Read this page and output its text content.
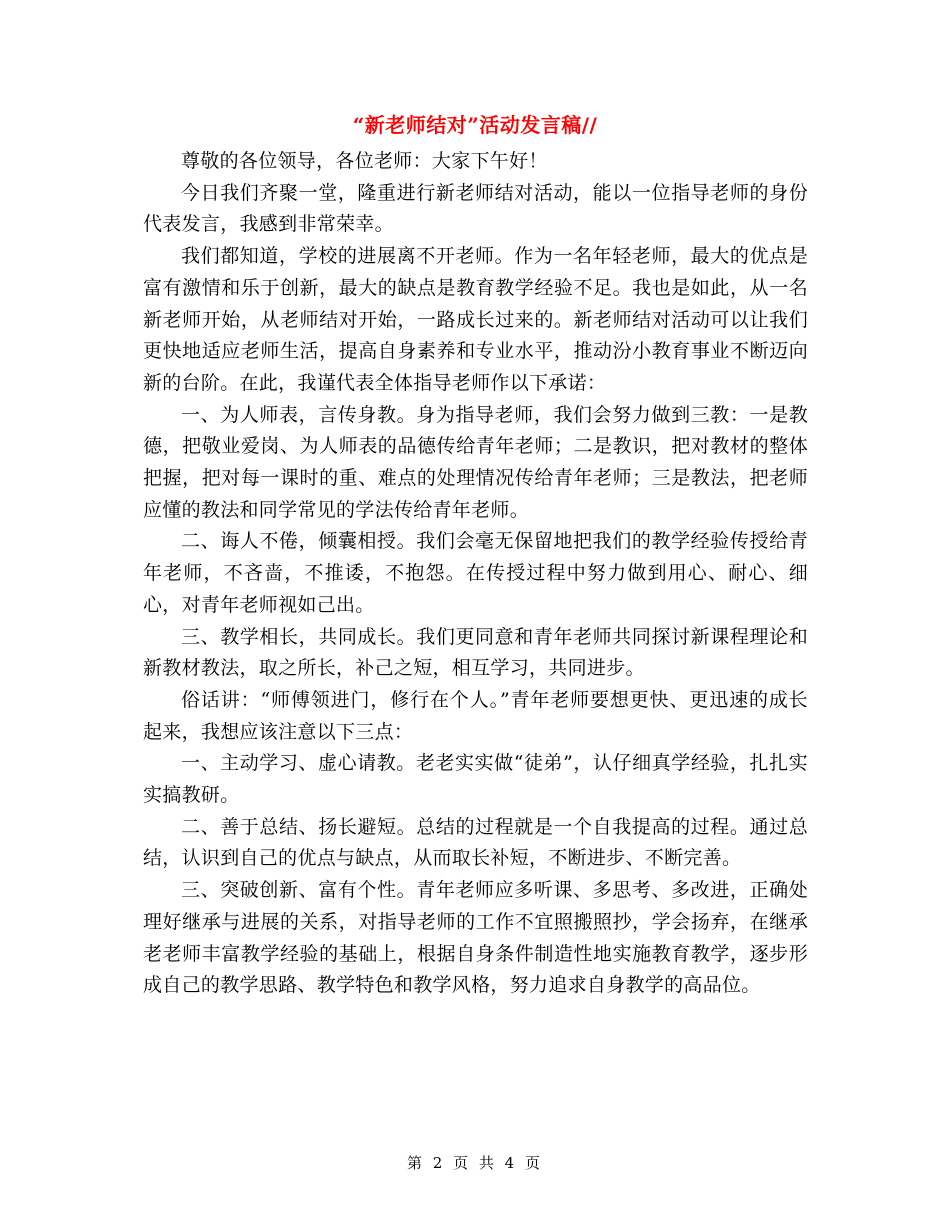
“新老师结对”活动发言稿//

尊敬的各位领导，各位老师：大家下午好！

今日我们齐聚一堂，隆重进行新老师结对活动，能以一位指导老师的身份代表发言，我感到非常荣幸。

我们都知道，学校的进展离不开老师。作为一名年轻老师，最大的优点是富有激情和乐于创新，最大的缺点是教育教学经验不足。我也是如此，从一名新老师开始，从老师结对开始，一路成长过来的。新老师结对活动可以让我们更快地适应老师生活，提高自身素养和专业水平，推动汾小教育事业不断迈向新的台阶。在此，我谨代表全体指导老师作以下承诺：

一、为人师表，言传身教。身为指导老师，我们会努力做到三教：一是教德，把敬业爱岗、为人师表的品德传给青年老师；二是教识，把对教材的整体把握，把对每一课时的重、难点的处理情况传给青年老师；三是教法，把老师应懂的教法和同学常见的学法传给青年老师。

二、诲人不倦，倾囊相授。我们会毫无保留地把我们的教学经验传授给青年老师，不吝啬，不推诿，不抱怨。在传授过程中努力做到用心、耐心、细心，对青年老师视如己出。

三、教学相长，共同成长。我们更同意和青年老师共同探讨新课程理论和新教材教法，取之所长，补己之短，相互学习，共同进步。

俗话讲：“师傅领进门，修行在个人。”青年老师要想更快、更迅速的成长起来，我想应该注意以下三点：

一、主动学习、虚心请教。老老实实做“徒弟”，认仔细真学经验，扎扎实实搞教研。

二、善于总结、扬长避短。总结的过程就是一个自我提高的过程。通过总结，认识到自己的优点与缺点，从而取长补短，不断进步、不断完善。

三、突破创新、富有个性。青年老师应多听课、多思考、多改进，正确处理好继承与进展的关系，对指导老师的工作不宜照搬照抄，学会扬弃，在继承老老师丰富教学经验的基础上，根据自身条件制造性地实施教育教学，逐步形成自己的教学思路、教学特色和教学风格，努力追求自身教学的高品位。

第 2 页 共 4 页
